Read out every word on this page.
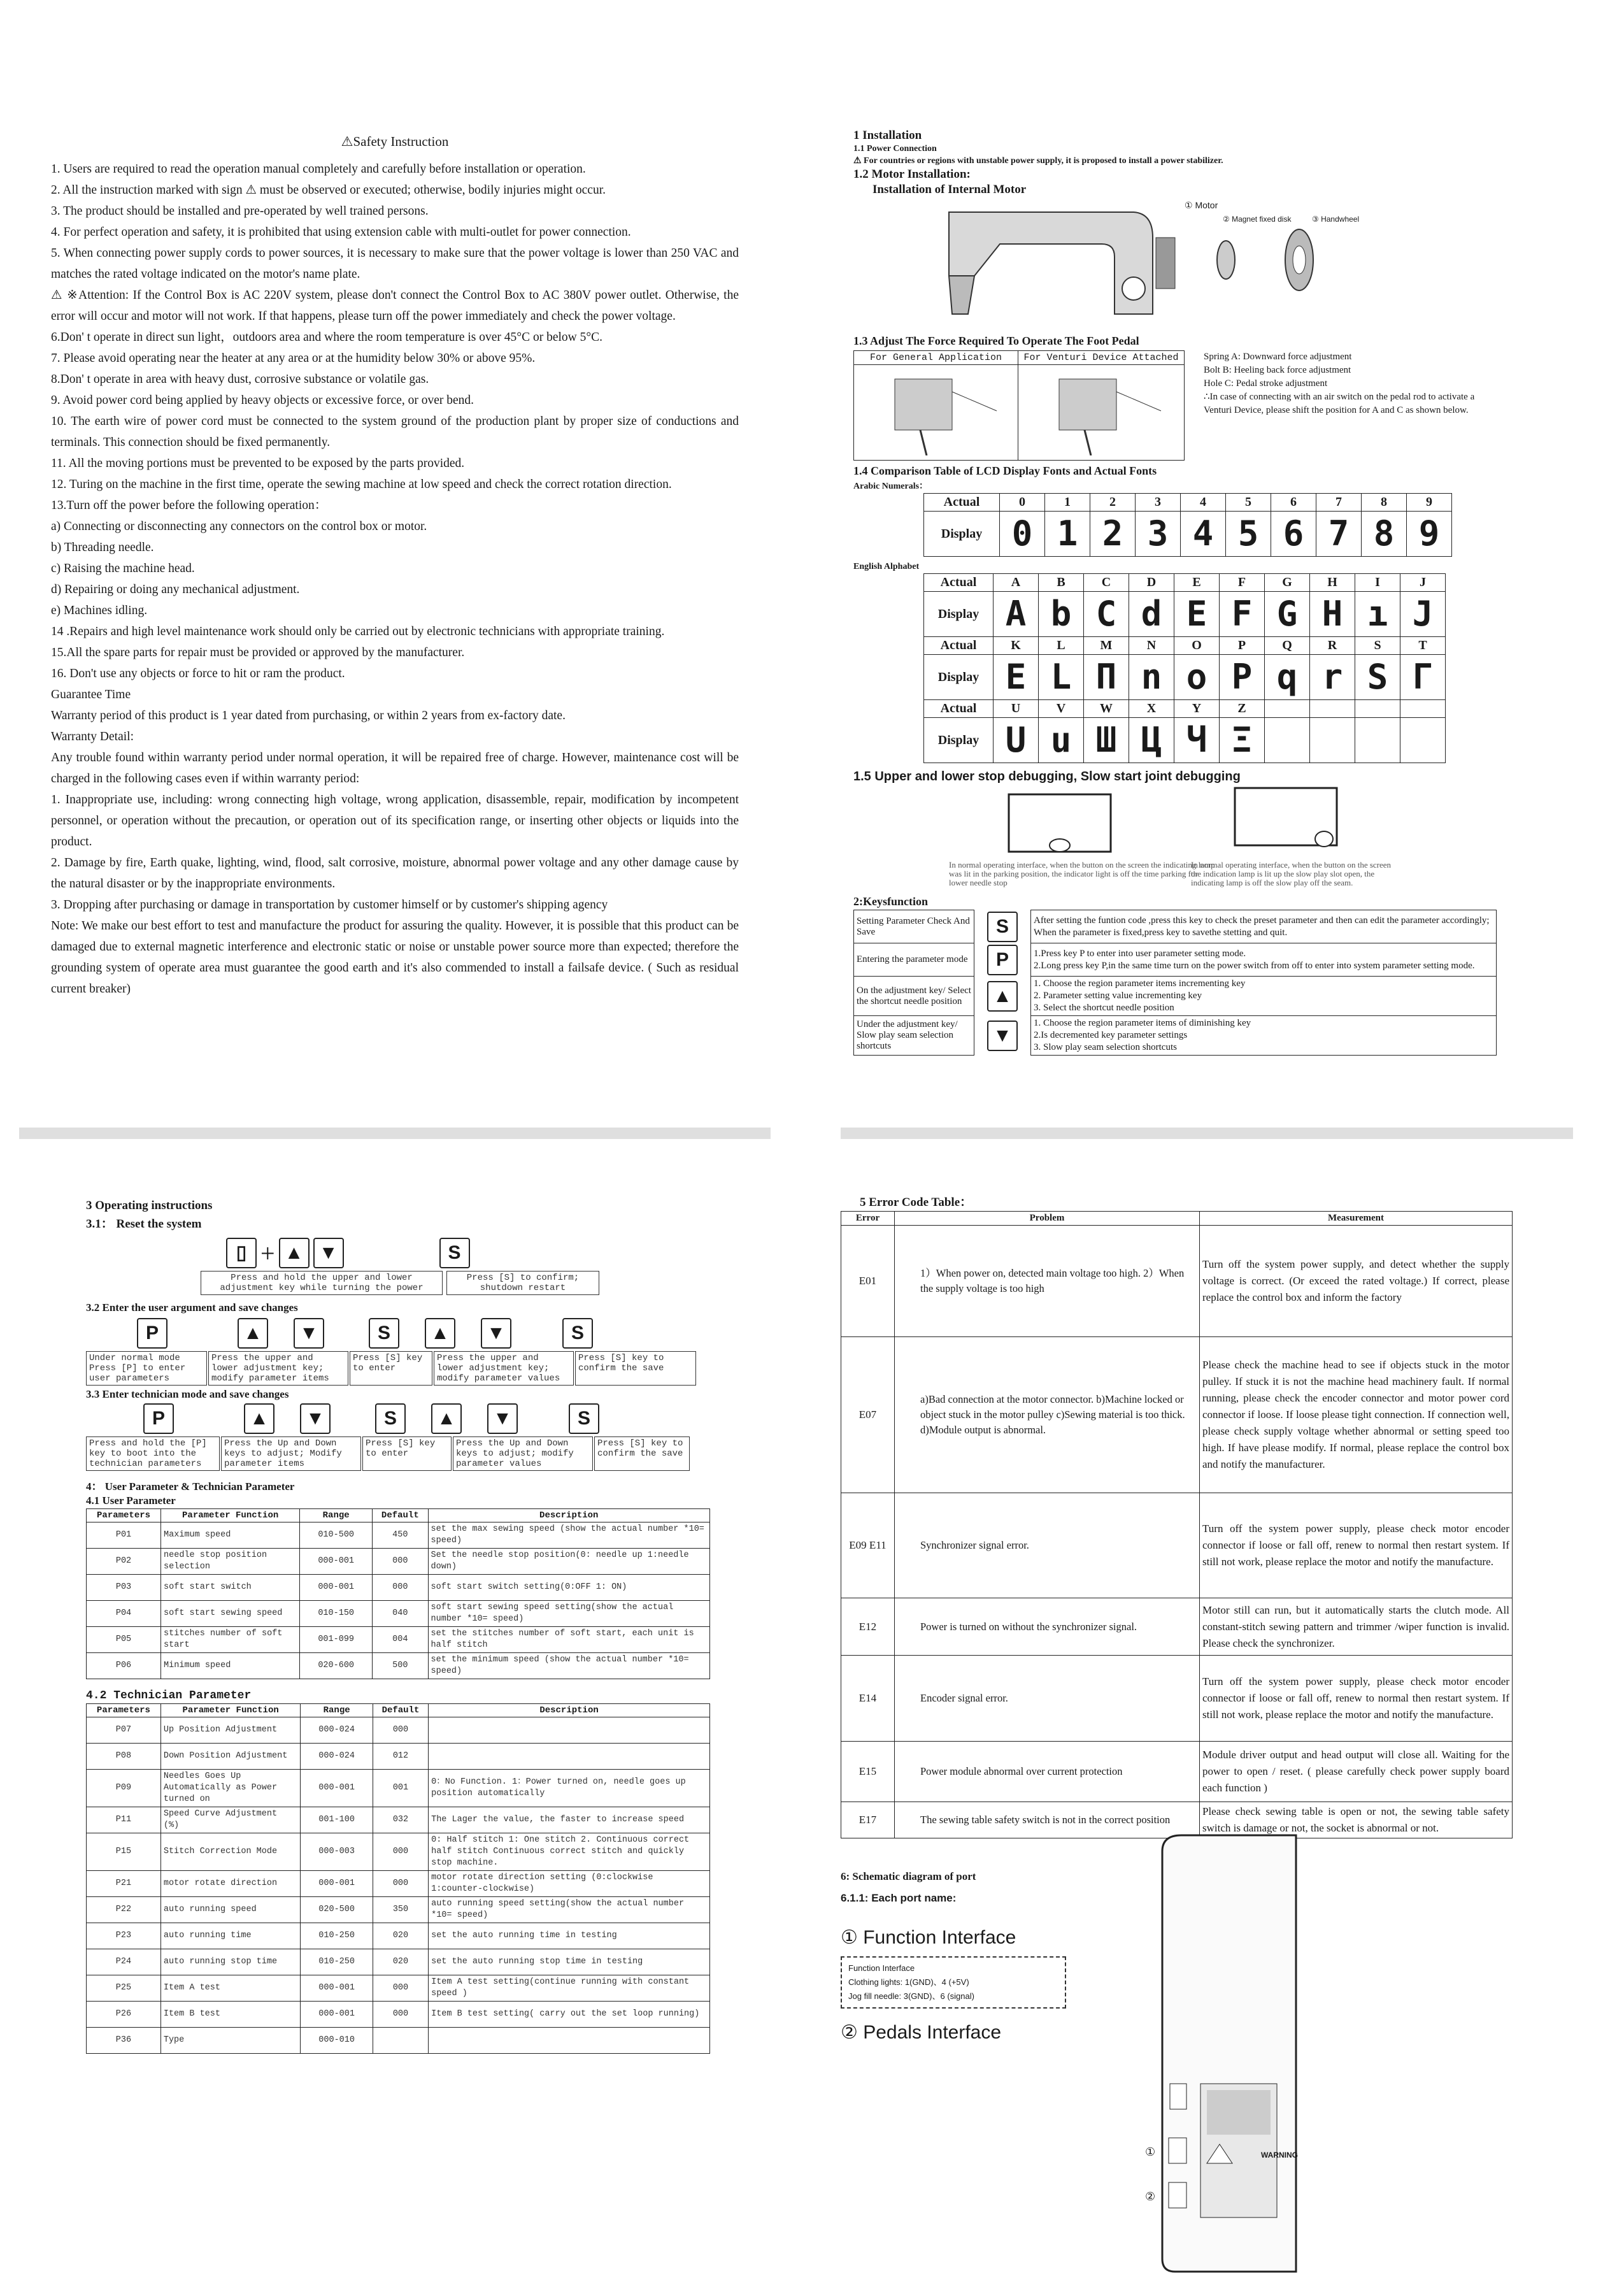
⚠Safety Instruction

1. Users are required to read the operation manual completely and carefully before installation or operation.

2. All the instruction marked with sign ⚠ must be observed or executed; otherwise, bodily injuries might occur.

3. The product should be installed and pre-operated by well trained persons.

4. For perfect operation and safety, it is prohibited that using extension cable with multi-outlet for power connection.

5. When connecting power supply cords to power sources, it is necessary to make sure that the power voltage is lower than 250 VAC and matches the rated voltage indicated on the motor's name plate.

⚠ ※Attention: If the Control Box is AC 220V system, please don't connect the Control Box to AC 380V power outlet. Otherwise, the error will occur and motor will not work. If that happens, please turn off the power immediately and check the power voltage.

6.Don' t operate in direct sun light，outdoors area and where the room temperature is over 45°C or below 5°C.

7. Please avoid operating near the heater at any area or at the humidity below 30% or above 95%.

8.Don' t operate in area with heavy dust, corrosive substance or volatile gas.

9. Avoid power cord being applied by heavy objects or excessive force, or over bend.

10. The earth wire of power cord must be connected to the system ground of the production plant by proper size of conductions and terminals. This connection should be fixed permanently.

11. All the moving portions must be prevented to be exposed by the parts provided.

12. Turing on the machine in the first time, operate the sewing machine at low speed and check the correct rotation direction.

13.Turn off the power before the following operation：

a) Connecting or disconnecting any connectors on the control box or motor.

b) Threading needle.

c) Raising the machine head.

d) Repairing or doing any mechanical adjustment.

e) Machines idling.

14 .Repairs and high level maintenance work should only be carried out by electronic technicians with appropriate training.

15.All the spare parts for repair must be provided or approved by the manufacturer.

16. Don't use any objects or force to hit or ram the product.

Guarantee Time

Warranty period of this product is 1 year dated from purchasing, or within 2 years from ex-factory date.

Warranty Detail:

Any trouble found within warranty period under normal operation, it will be repaired free of charge. However, maintenance cost will be charged in the following cases even if within warranty period:

1. Inappropriate use, including: wrong connecting high voltage, wrong application, disassemble, repair, modification by incompetent personnel, or operation without the precaution, or operation out of its specification range, or inserting other objects or liquids into the product.

2. Damage by fire, Earth quake, lighting, wind, flood, salt corrosive, moisture, abnormal power voltage and any other damage cause by the natural disaster or by the inappropriate environments.

3. Dropping after purchasing or damage in transportation by customer himself or by customer's shipping agency

Note: We make our best effort to test and manufacture the product for assuring the quality. However, it is possible that this product can be damaged due to external magnetic interference and electronic static or noise or unstable power source more than expected; therefore the grounding system of operate area must guarantee the good earth and it's also commended to install a failsafe device. ( Such as residual current breaker)

1 Installation
1.1 Power Connection
⚠ For countries or regions with unstable power supply, it is proposed to install a power stabilizer.
1.2 Motor Installation:
Installation of Internal Motor
① Motor
② Magnet fixed disk	③ Handwheel
1.3 Adjust The Force Required To Operate The Foot Pedal
For General Application	For Venturi Device Attached
		Spring A: Downward force adjustment
Bolt B: Heeling back force adjustment
Hole C: Pedal stroke adjustment
∴In case of connecting with an air switch on the pedal rod to activate a Venturi Device, please shift the position for A and C as shown below.
1.4 Comparison Table of LCD Display Fonts and Actual Fonts
Arabic Numerals：
Actual	0	1	2	3	4	5	6	7	8	9
Display	0	1	2	3	4	5	6	7	8	9
English Alphabet
Actual	A	B	C	D	E	F	G	H	I	J
Display	A	b	C	d	E	F	G	H	ı	J
Actual	K	L	M	N	O	P	Q	R	S	T
Display	E	L	П	n	o	P	q	r	S	Γ
Actual	U	V	W	X	Y	Z				
Display	U	u	Ш	Ц	Ч	Ξ				
1.5 Upper and lower stop debugging, Slow start joint debugging
In normal operating interface, when the button on the screen the indicating lamp was lit in the parking position, the indicator light is off the time parking for lower needle stop
In normal operating interface, when the button on the screen the indication lamp is lit up the slow play slot open, the indicating lamp is off the slow play off the seam.
2:Keysfunction
Setting Parameter Check And Save	S	After setting the funtion code ,press this key to check the preset parameter and then can edit the parameter accordingly;
When the parameter is fixed,press key to savethe stetting and quit.

Entering the parameter mode	P	1.Press key P to enter into user parameter setting mode.
2.Long press key P,in the same time turn on the power switch from off to enter into system parameter setting mode.

On the adjustment key/ Select the shortcut needle position	▲	1. Choose the region parameter items incrementing key
2. Parameter setting value incrementing key
3. Select the shortcut needle position

Under the adjustment key/ Slow play seam selection shortcuts	▼	1. Choose the region parameter items of diminishing key
2.Is decremented key parameter settings
3. Slow play seam selection shortcuts
3 Operating instructions
3.1： Reset the system
▯ + ▲ ▼	S
Press and hold the upper and lower adjustment key while turning the power
Press [S] to confirm; shutdown restart
3.2 Enter the user argument and save changes
P	▲	▼	S	▲	▼	S
Under normal mode Press [P] to enter user parameters
Press the upper and lower adjustment key; modify parameter items
Press [S] key to enter
Press the upper and lower adjustment key; modify parameter values
Press [S] key to confirm the save
3.3 Enter technician mode and save changes
P	▲	▼	S	▲	▼	S
Press and hold the [P] key to boot into the technician parameters
Press the Up and Down keys to adjust; Modify parameter items
Press [S] key to enter
Press the Up and Down keys to adjust; modify parameter values
Press [S] key to confirm the save
4： User Parameter & Technician Parameter
4.1 User Parameter
Parameters	Parameter Function	Range	Default	Description
P01	Maximum speed	010-500	450	set the max sewing speed (show the actual number *10= speed)
P02	needle stop position selection	000-001	000	Set the needle stop position(0: needle up 1:needle down)
P03	soft start switch	000-001	000	soft start switch setting(0:OFF 1: ON)
P04	soft start sewing speed	010-150	040	soft start sewing speed setting(show the actual number *10= speed)
P05	stitches number of soft start	001-099	004	set the stitches number of soft start, each unit is half stitch
P06	Minimum speed	020-600	500	set the minimum speed (show the actual number *10= speed)
4.2 Technician Parameter
Parameters	Parameter Function	Range	Default	Description
P07	Up Position Adjustment	000-024	000	
P08	Down Position Adjustment	000-024	012	
P09	Needles Goes Up Automatically as Power turned on	000-001	001	0：No Function. 1：Power turned on, needle goes up position automatically
P11	Speed Curve Adjustment (%)	001-100	032	The Lager the value, the faster to increase speed
P15	Stitch Correction Mode	000-003	000	0: Half stitch 1: One stitch 2. Continuous correct half stitch Continuous correct stitch and quickly stop machine.
P21	motor rotate direction	000-001	000	motor rotate direction setting (0:clockwise 1:counter-clockwise)
P22	auto running speed	020-500	350	auto running speed setting(show the actual number *10= speed)
P23	auto running time	010-250	020	set the auto running time in testing
P24	auto running stop time	010-250	020	set the auto running stop time in testing
P25	Item A test	000-001	000	Item A test setting(continue running with constant speed )
P26	Item B test	000-001	000	Item B test setting( carry out the set loop running)
P36	Type	000-010		
5 Error Code Table：
Error	Problem	Measurement
E01	1）When power on, detected main voltage too high. 2）When the supply voltage is too high	Turn off the system power supply, and detect whether the supply voltage is correct. (Or exceed the rated voltage.) If correct, please replace the control box and inform the factory
E07	a)Bad connection at the motor connector. b)Machine locked or object stuck in the motor pulley c)Sewing material is too thick. d)Module output is abnormal.	Please check the machine head to see if objects stuck in the motor pulley. If stuck it is not the machine head machinery fault. If normal running, please check the encoder connector and motor power cord connector if loose. If loose please tight connection. If connection well, please check supply voltage whether abnormal or setting speed too high. If have please modify. If normal, please replace the control box and notify the manufacturer.
E09 E11	Synchronizer signal error.	Turn off the system power supply, please check motor encoder connector if loose or fall off, renew to normal then restart system. If still not work, please replace the motor and notify the manufacture.
E12	Power is turned on without the synchronizer signal.	Motor still can run, but it automatically starts the clutch mode. All constant-stitch sewing pattern and trimmer /wiper function is invalid. Please check the synchronizer.
E14	Encoder signal error.	Turn off the system power supply, please check motor encoder connector if loose or fall off, renew to normal then restart system. If still not work, please replace the motor and notify the manufacture.
E15	Power module abnormal over current protection	Module driver output and head output will close all. Waiting for the power to open / reset. ( please carefully check power supply board each function )
E17	The sewing table safety switch is not in the correct position	Please check sewing table is open or not, the sewing table safety switch is damage or not, the socket is abnormal or not.
6: Schematic diagram of port
6.1.1: Each port name:
① Function Interface
Function Interface
Clothing lights: 1(GND)、4 (+5V)
Jog fill needle: 3(GND)、6 (signal)
② Pedals Interface
WARNING
①
②
